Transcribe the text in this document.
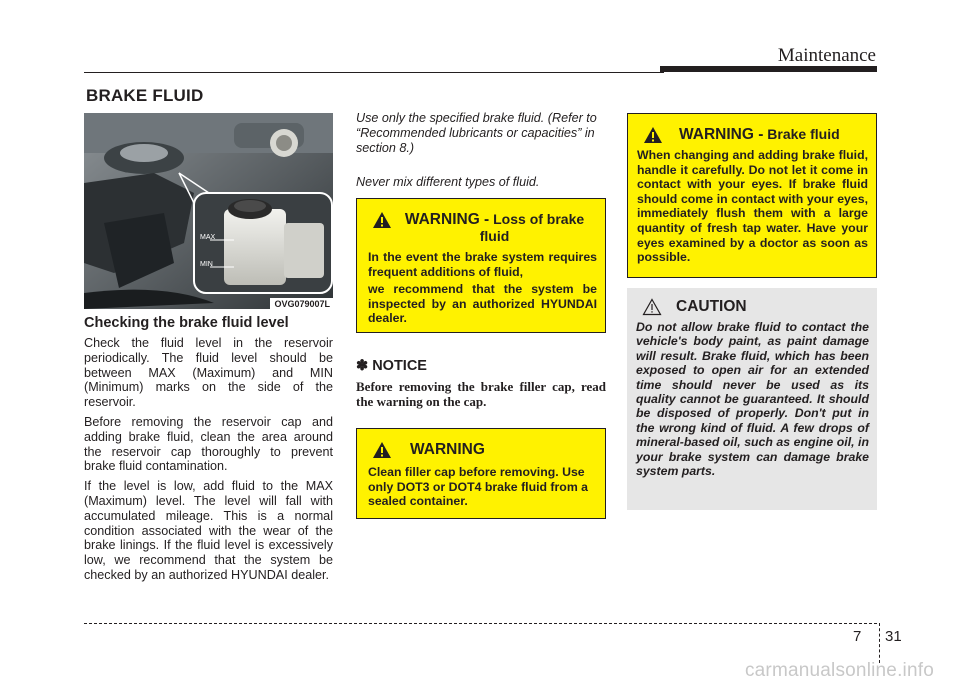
Maintenance
BRAKE FLUID
MAX
MIN
OVG079007L
Checking the brake fluid level

Check the fluid level in the reservoir periodically. The fluid level should be between MAX (Maximum) and MIN (Minimum) marks on the side of the reservoir.

Before removing the reservoir cap and adding brake fluid, clean the area around the reservoir cap thoroughly to prevent brake fluid contamination.

If the level is low, add fluid to the MAX (Maximum) level. The level will fall with accumulated mileage. This is a normal condition associated with the wear of the brake linings. If the fluid level is excessively low, we recommend that the system be checked by an authorized HYUNDAI dealer.

Use only the specified brake fluid. (Refer to “Recommended lubricants or capacities” in section 8.)

Never mix different types of fluid.

WARNING - Loss of brake fluid

In the event the brake system requires frequent additions of fluid,

we recommend that the system be inspected by an authorized HYUNDAI dealer.

✽ NOTICE
Before removing the brake filler cap, read the warning on the cap.
WARNING
Clean filler cap before removing. Use only DOT3 or DOT4 brake fluid from a sealed container.
WARNING - Brake fluid
When changing and adding brake fluid, handle it carefully. Do not let it come in contact with your eyes. If brake fluid should come in contact with your eyes, immediately flush them with a large quantity of fresh tap water. Have your eyes examined by a doctor as soon as possible.
CAUTION
Do not allow brake fluid to contact the vehicle's body paint, as paint damage will result. Brake fluid, which has been exposed to open air for an extended time should never be used as its quality cannot be guaranteed. It should be disposed of properly. Don't put in the wrong kind of fluid. A few drops of mineral-based oil, such as engine oil, in your brake system can damage brake system parts.
7 31
carmanualsonline.info
